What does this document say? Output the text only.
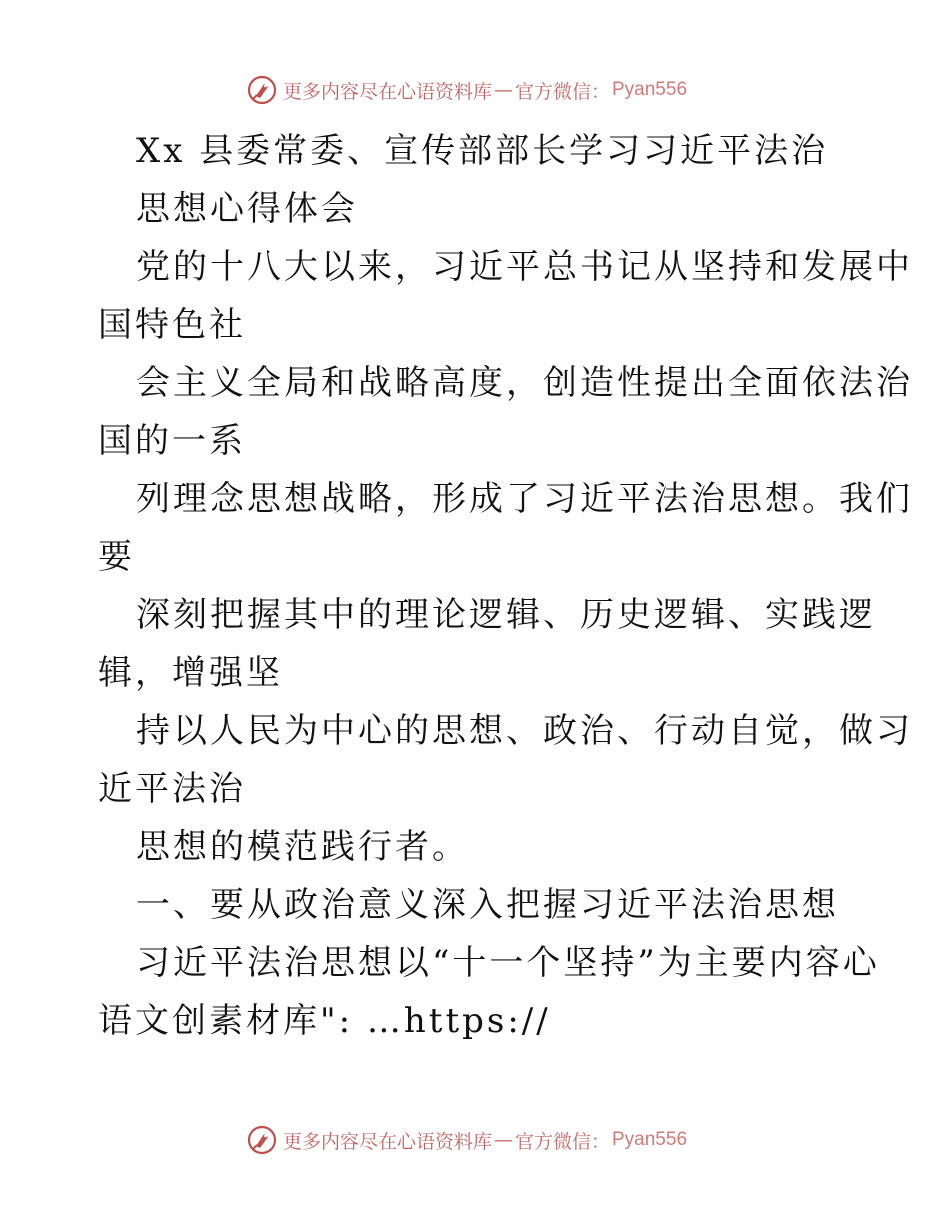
更多内容尽在心语资料库 — 官方微信： Pyan556
Xx 县委常委、宣传部部长学习习近平法治
思想心得体会
党的十八大以来，习近平总书记从坚持和发展中
国特色社
会主义全局和战略高度，创造性提出全面依法治
国的一系
列理念思想战略，形成了习近平法治思想。我们
要
深刻把握其中的理论逻辑、历史逻辑、实践逻
辑，增强坚
持以人民为中心的思想、政治、行动自觉，做习
近平法治
思想的模范践行者。
一、要从政治意义深入把握习近平法治思想
习近平法治思想以“十一个坚持”为主要内容心
语文创素材库": …https://
更多内容尽在心语资料库 — 官方微信： Pyan556
